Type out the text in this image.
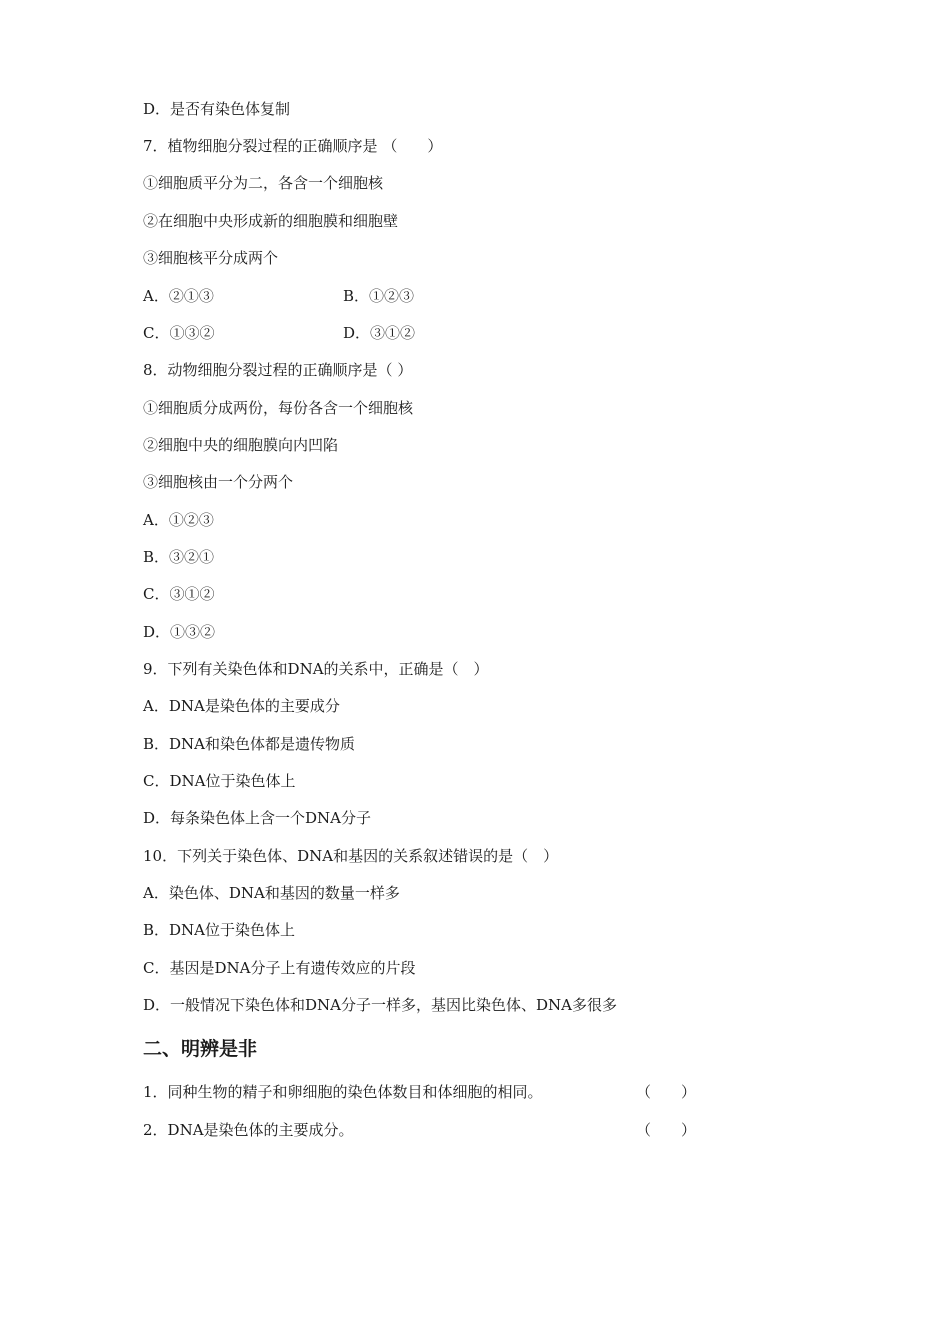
D．是否有染色体复制
7．植物细胞分裂过程的正确顺序是 （　　）
①细胞质平分为二，各含一个细胞核
②在细胞中央形成新的细胞膜和细胞壁
③细胞核平分成两个
A．②①③	B．①②③
C．①③②	D．③①②
8．动物细胞分裂过程的正确顺序是（ ）
①细胞质分成两份，每份各含一个细胞核
②细胞中央的细胞膜向内凹陷
③细胞核由一个分两个
A．①②③
B．③②①
C．③①②
D．①③②
9．下列有关染色体和DNA的关系中，正确是（　）
A．DNA是染色体的主要成分
B．DNA和染色体都是遗传物质
C．DNA位于染色体上
D．每条染色体上含一个DNA分子
10．下列关于染色体、DNA和基因的关系叙述错误的是（　）
A．染色体、DNA和基因的数量一样多
B．DNA位于染色体上
C．基因是DNA分子上有遗传效应的片段
D．一般情况下染色体和DNA分子一样多，基因比染色体、DNA多很多
二、明辨是非
1．同种生物的精子和卵细胞的染色体数目和体细胞的相同。	（　　）
2．DNA是染色体的主要成分。	（　　）
